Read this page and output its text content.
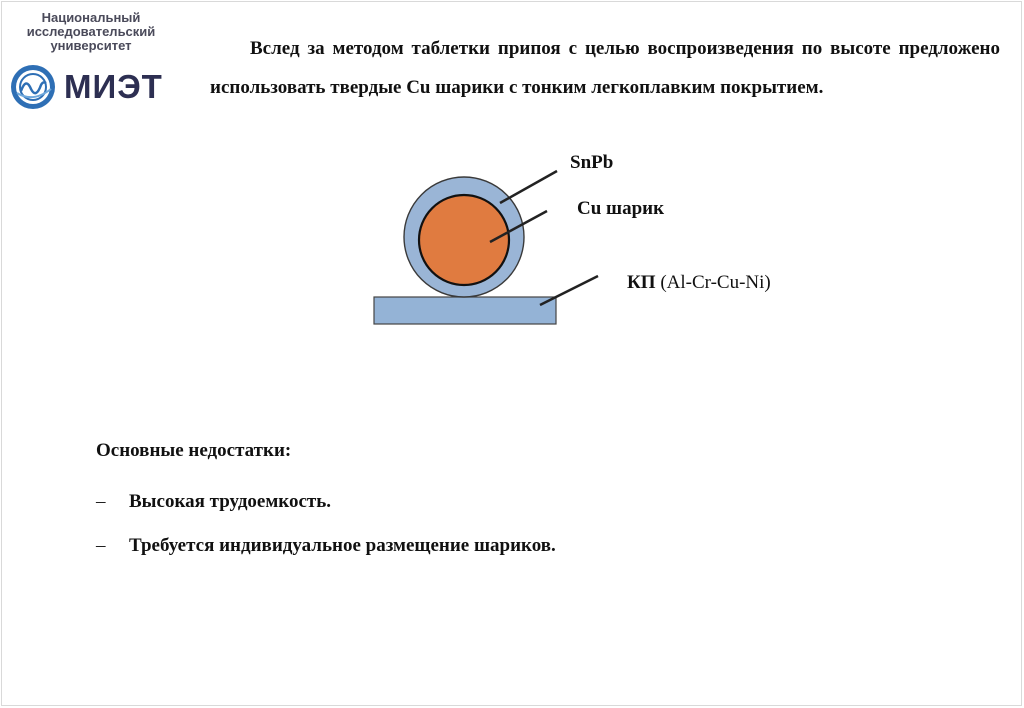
Национальный
исследовательский
университет
МИЭТ

Вслед за методом таблетки припоя с целью воспроизведения по высоте предложено использовать твердые Cu шарики с тонким легкоплавким покрытием.

SnPb
Cu шарик
КП (Al-Cr-Cu-Ni)

Основные недостатки:

– Высокая трудоемкость.
– Требуется индивидуальное размещение шариков.
